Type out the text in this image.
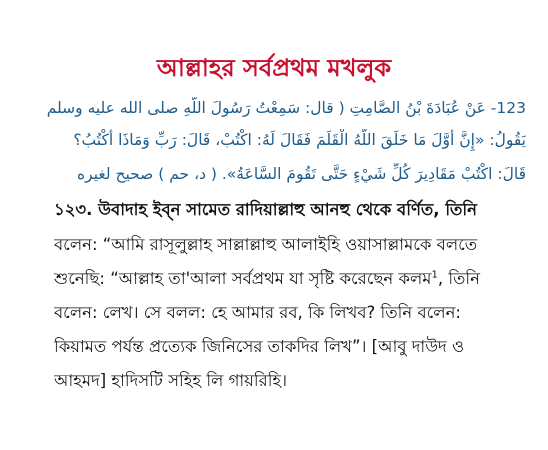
আল্লাহর সর্বপ্রথম মখলুক
123- عَنْ عُبَادَةَ بْنُ الصَّامِتِ ( قال: سَمِعْتُ رَسُولَ اللَّهِ صلى الله عليه وسلم
يَقُولُ: «إِنَّ أَوَّلَ مَا خَلَقَ اللَّهُ الْقَلَمَ فَقَالَ لَهُ: اكْتُبْ، قَالَ: رَبِّ وَمَاذَا أَكْتُبُ؟
قَالَ: اكْتُبْ مَقَادِيرَ كُلِّ شَيْءٍ حَتَّى تَقُومَ السَّاعَةُ». ( د، حم ) صحيح لغيره
১২৩. উবাদাহ ইব্ন সামেত রাদিয়াল্লাহু আনহু থেকে বর্ণিত, তিনি
বলেন: “আমি রাসূলুল্লাহ সাল্লাল্লাহু আলাইহি ওয়াসাল্লামকে বলতে
শুনেছি: “আল্লাহ তা'আলা সর্বপ্রথম যা সৃষ্টি করেছেন কলম$^1$, তিনি
বলেন: লেখ। সে বলল: হে আমার রব, কি লিখব? তিনি বলেন:
কিয়ামত পর্যন্ত প্রত্যেক জিনিসের তাকদির লিখ”। [আবু দাউদ ও
আহমদ] হাদিসটি সহিহ লি গায়রিহি।
